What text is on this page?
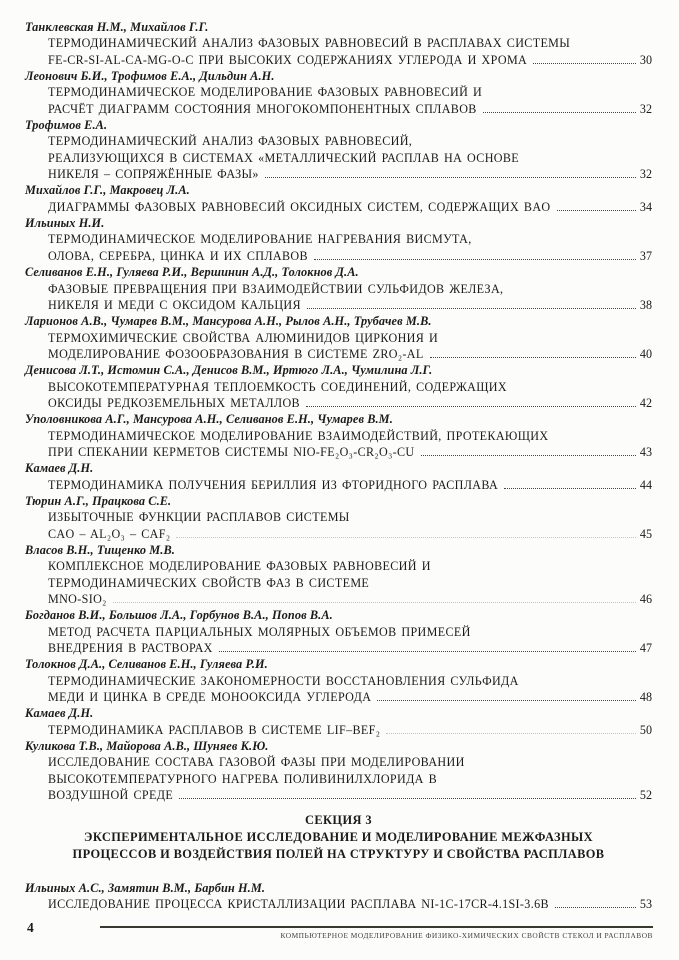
Танклевская Н.М., Михайлов Г.Г.
ТЕРМОДИНАМИЧЕСКИЙ АНАЛИЗ ФАЗОВЫХ РАВНОВЕСИЙ В РАСПЛАВАХ СИСТЕМЫ
FE-CR-SI-AL-CA-MG-O-C ПРИ ВЫСОКИХ СОДЕРЖАНИЯХ УГЛЕРОДА И ХРОМА	30
Леонович Б.И., Трофимов Е.А., Дильдин А.Н.
ТЕРМОДИНАМИЧЕСКОЕ МОДЕЛИРОВАНИЕ ФАЗОВЫХ РАВНОВЕСИЙ И
РАСЧЁТ ДИАГРАММ СОСТОЯНИЯ МНОГОКОМПОНЕНТНЫХ СПЛАВОВ	32
Трофимов Е.А.
ТЕРМОДИНАМИЧЕСКИЙ АНАЛИЗ ФАЗОВЫХ РАВНОВЕСИЙ,
РЕАЛИЗУЮЩИХСЯ В СИСТЕМАХ «МЕТАЛЛИЧЕСКИЙ РАСПЛАВ НА ОСНОВЕ
НИКЕЛЯ – СОПРЯЖЁННЫЕ ФАЗЫ»	32
Михайлов Г.Г., Макровец Л.А.
ДИАГРАММЫ ФАЗОВЫХ РАВНОВЕСИЙ ОКСИДНЫХ СИСТЕМ, СОДЕРЖАЩИХ BAO	34
Ильиных Н.И.
ТЕРМОДИНАМИЧЕСКОЕ МОДЕЛИРОВАНИЕ НАГРЕВАНИЯ ВИСМУТА,
ОЛОВА, СЕРЕБРА, ЦИНКА И ИХ СПЛАВОВ	37
Селиванов Е.Н., Гуляева Р.И., Вершинин А.Д., Толокнов Д.А.
ФАЗОВЫЕ ПРЕВРАЩЕНИЯ ПРИ ВЗАИМОДЕЙСТВИИ СУЛЬФИДОВ ЖЕЛЕЗА,
НИКЕЛЯ И МЕДИ С ОКСИДОМ КАЛЬЦИЯ	38
Ларионов А.В., Чумарев В.М., Мансурова А.Н., Рылов А.Н., Трубачев М.В.
ТЕРМОХИМИЧЕСКИЕ СВОЙСТВА АЛЮМИНИДОВ ЦИРКОНИЯ И
МОДЕЛИРОВАНИЕ ФОЗООБРАЗОВАНИЯ В СИСТЕМЕ ZRO₂-AL	40
Денисова Л.Т., Истомин С.А., Денисов В.М., Иртюго Л.А., Чумилина Л.Г.
ВЫСОКОТЕМПЕРАТУРНАЯ ТЕПЛОЕМКОСТЬ СОЕДИНЕНИЙ, СОДЕРЖАЩИХ
ОКСИДЫ РЕДКОЗЕМЕЛЬНЫХ МЕТАЛЛОВ	42
Уполовникова А.Г., Мансурова А.Н., Селиванов Е.Н., Чумарев В.М.
ТЕРМОДИНАМИЧЕСКОЕ МОДЕЛИРОВАНИЕ ВЗАИМОДЕЙСТВИЙ, ПРОТЕКАЮЩИХ
ПРИ СПЕКАНИИ КЕРМЕТОВ СИСТЕМЫ NIO-FE₂O₃-CR₂O₃-CU	43
Камаев Д.Н.
ТЕРМОДИНАМИКА ПОЛУЧЕНИЯ БЕРИЛЛИЯ ИЗ ФТОРИДНОГО РАСПЛАВА	44
Тюрин А.Г., Працкова С.Е.
ИЗБЫТОЧНЫЕ ФУНКЦИИ РАСПЛАВОВ СИСТЕМЫ
CAO – AL₂O₃ – CAF₂	45
Власов В.Н., Тищенко М.В.
КОМПЛЕКСНОЕ МОДЕЛИРОВАНИЕ ФАЗОВЫХ РАВНОВЕСИЙ И
ТЕРМОДИНАМИЧЕСКИХ СВОЙСТВ ФАЗ В СИСТЕМЕ
MNO-SIO₂	46
Богданов В.И., Большов Л.А., Горбунов В.А., Попов В.А.
МЕТОД РАСЧЕТА ПАРЦИАЛЬНЫХ МОЛЯРНЫХ ОБЪЕМОВ ПРИМЕСЕЙ
ВНЕДРЕНИЯ В РАСТВОРАХ	47
Толокнов Д.А., Селиванов Е.Н., Гуляева Р.И.
ТЕРМОДИНАМИЧЕСКИЕ ЗАКОНОМЕРНОСТИ ВОССТАНОВЛЕНИЯ СУЛЬФИДА
МЕДИ И ЦИНКА В СРЕДЕ МОНООКСИДА УГЛЕРОДА	48
Камаев Д.Н.
ТЕРМОДИНАМИКА РАСПЛАВОВ В СИСТЕМЕ LIF–BEF₂	50
Куликова Т.В., Майорова А.В., Шуняев К.Ю.
ИССЛЕДОВАНИЕ СОСТАВА ГАЗОВОЙ ФАЗЫ ПРИ МОДЕЛИРОВАНИИ
ВЫСОКОТЕМПЕРАТУРНОГО НАГРЕВА ПОЛИВИНИЛХЛОРИДА В
ВОЗДУШНОЙ СРЕДЕ	52
СЕКЦИЯ 3
ЭКСПЕРИМЕНТАЛЬНОЕ ИССЛЕДОВАНИЕ И МОДЕЛИРОВАНИЕ МЕЖФАЗНЫХ
ПРОЦЕССОВ И ВОЗДЕЙСТВИЯ ПОЛЕЙ НА СТРУКТУРУ И СВОЙСТВА РАСПЛАВОВ
Ильиных А.С., Замятин В.М., Барбин Н.М.
ИССЛЕДОВАНИЕ ПРОЦЕССА КРИСТАЛЛИЗАЦИИ РАСПЛАВА NI-1C-17CR-4.1SI-3.6B	53
4
КОМПЬЮТЕРНОЕ МОДЕЛИРОВАНИЕ ФИЗИКО-ХИМИЧЕСКИХ СВОЙСТВ СТЕКОЛ И РАСПЛАВОВ
